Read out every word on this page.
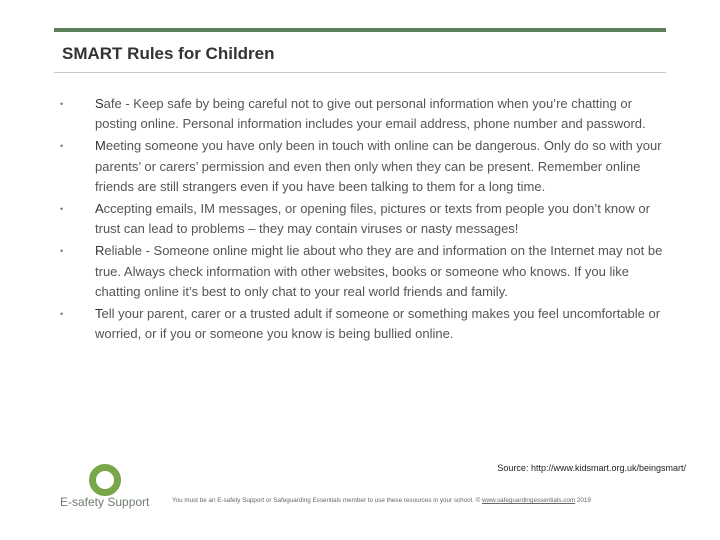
SMART Rules for Children
• Safe - Keep safe by being careful not to give out personal information when you’re chatting or posting online. Personal information includes your email address, phone number and password.
• Meeting someone you have only been in touch with online can be dangerous. Only do so with your parents’ or carers’ permission and even then only when they can be present. Remember online friends are still strangers even if you have been talking to them for a long time.
• Accepting emails, IM messages, or opening files, pictures or texts from people you don’t know or trust can lead to problems – they may contain viruses or nasty messages!
• Reliable - Someone online might lie about who they are and information on the Internet may not be true. Always check information with other websites, books or someone who knows. If you like chatting online it’s best to only chat to your real world friends and family.
• Tell your parent, carer or a trusted adult if someone or something makes you feel uncomfortable or worried, or if you or someone you know is being bullied online.
Source: http://www.kidsmart.org.uk/beingsmart/
E-safety Support	You must be an E-safety Support or Safeguarding Essentials member to use these resources in your school. © www.safeguardingessentials.com 2019
